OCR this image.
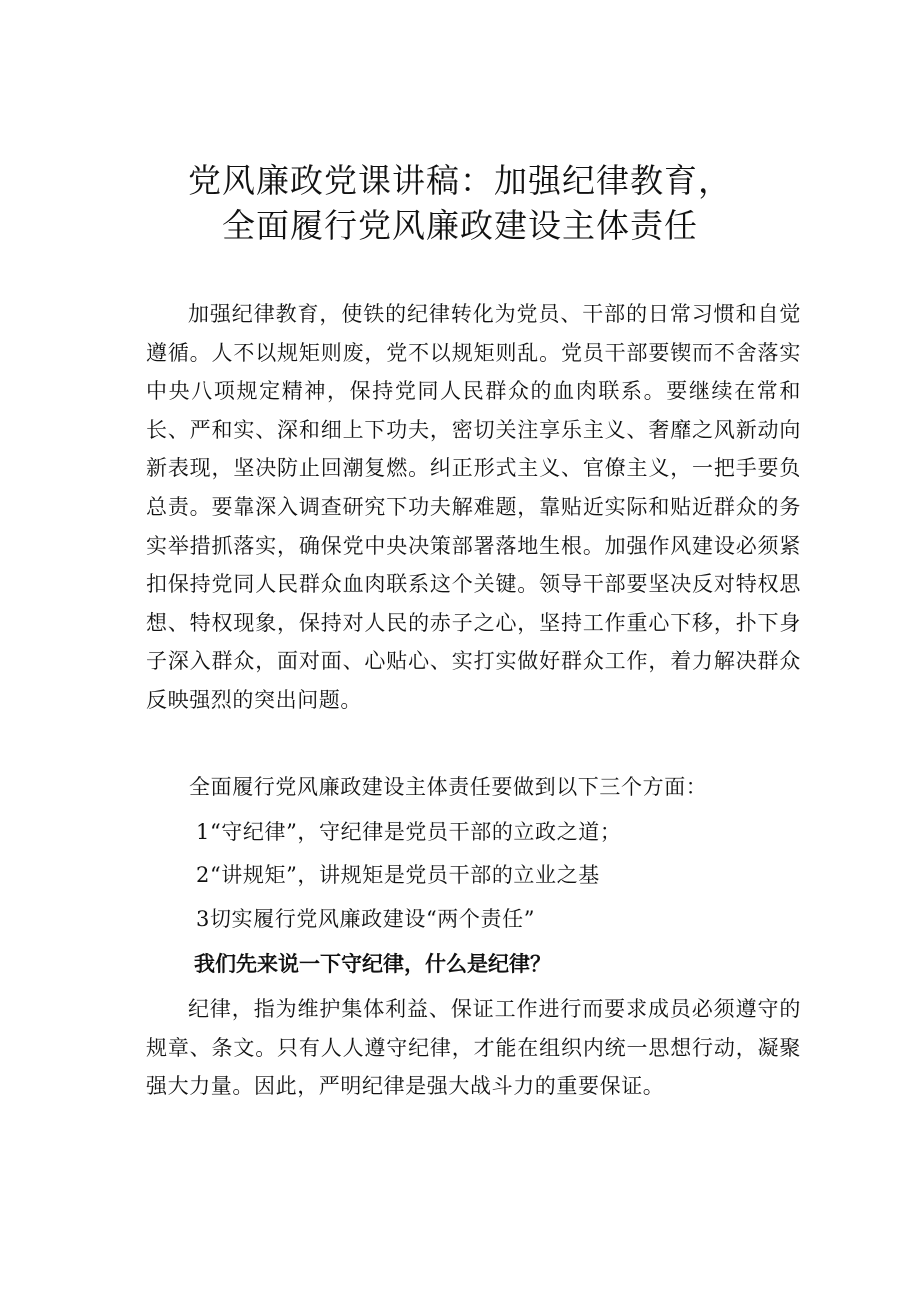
党风廉政党课讲稿：加强纪律教育，
全面履行党风廉政建设主体责任

加强纪律教育，使铁的纪律转化为党员、干部的日常习惯和自觉遵循。人不以规矩则废，党不以规矩则乱。党员干部要锲而不舍落实中央八项规定精神，保持党同人民群众的血肉联系。要继续在常和长、严和实、深和细上下功夫，密切关注享乐主义、奢靡之风新动向新表现，坚决防止回潮复燃。纠正形式主义、官僚主义，一把手要负总责。要靠深入调查研究下功夫解难题，靠贴近实际和贴近群众的务实举措抓落实，确保党中央决策部署落地生根。加强作风建设必须紧扣保持党同人民群众血肉联系这个关键。领导干部要坚决反对特权思想、特权现象，保持对人民的赤子之心，坚持工作重心下移，扑下身子深入群众，面对面、心贴心、实打实做好群众工作，着力解决群众反映强烈的突出问题。

全面履行党风廉政建设主体责任要做到以下三个方面：
1“守纪律”，守纪律是党员干部的立政之道；
2“讲规矩”，讲规矩是党员干部的立业之基
3切实履行党风廉政建设“两个责任”
我们先来说一下守纪律，什么是纪律？

纪律，指为维护集体利益、保证工作进行而要求成员必须遵守的规章、条文。只有人人遵守纪律，才能在组织内统一思想行动，凝聚强大力量。因此，严明纪律是强大战斗力的重要保证。
